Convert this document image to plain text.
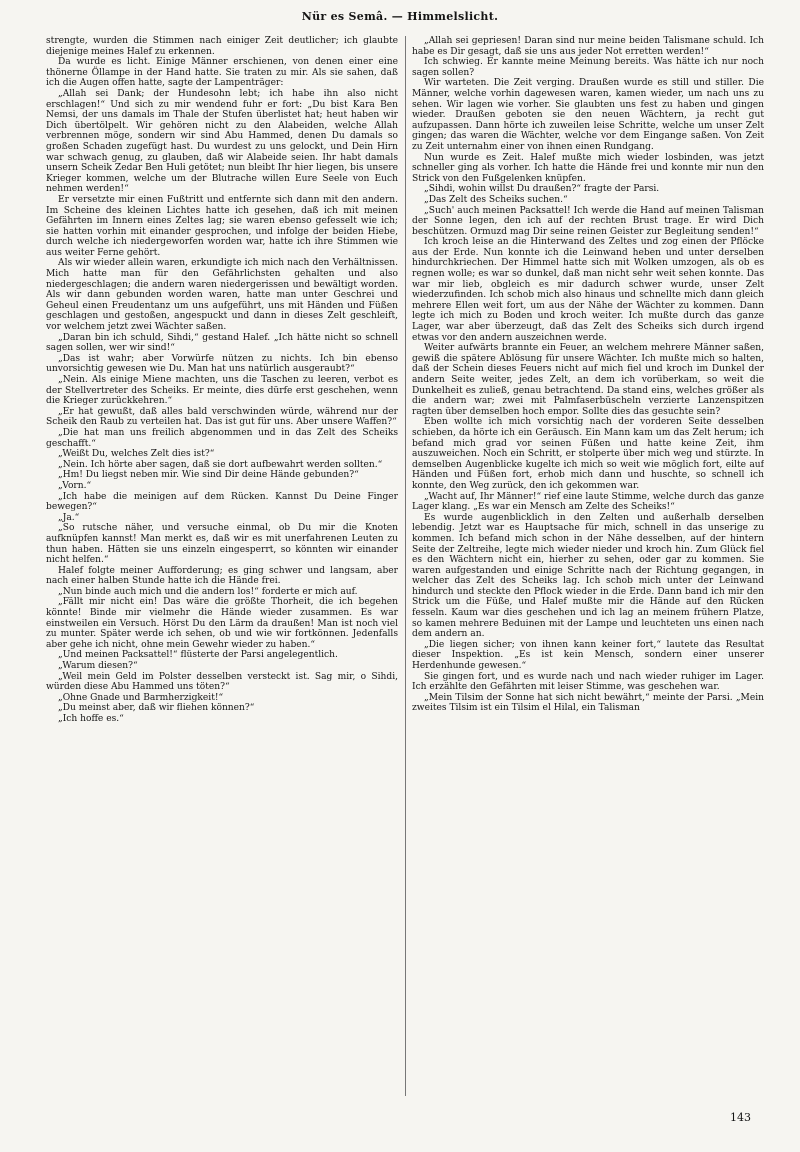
Nür es Semâ. — Himmelslicht.

strengte, wurden die Stimmen nach einiger Zeit deutlicher; ich glaubte diejenige meines Halef zu erkennen.

Da wurde es licht. Einige Männer erschienen, von denen einer eine thönerne Öllampe in der Hand hatte. Sie traten zu mir. Als sie sahen, daß ich die Augen offen hatte, sagte der Lampenträger:

„Allah sei Dank; der Hundesohn lebt; ich habe ihn also nicht erschlagen!“ Und sich zu mir wendend fuhr er fort: „Du bist Kara Ben Nemsi, der uns damals im Thale der Stufen überlistet hat; heut haben wir Dich übertölpelt. Wir gehören nicht zu den Alabeiden, welche Allah verbrennen möge, sondern wir sind Abu Hammed, denen Du damals so großen Schaden zugefügt hast. Du wurdest zu uns gelockt, und Dein Hirn war schwach genug, zu glauben, daß wir Alabeide seien. Ihr habt damals unsern Scheik Zedar Ben Huli getötet; nun bleibt Ihr hier liegen, bis unsere Krieger kommen, welche um der Blutrache willen Eure Seele von Euch nehmen werden!“

Er versetzte mir einen Fußtritt und entfernte sich dann mit den andern. Im Scheine des kleinen Lichtes hatte ich gesehen, daß ich mit meinen Gefährten im Innern eines Zeltes lag; sie waren ebenso gefesselt wie ich; sie hatten vorhin mit einander gesprochen, und infolge der beiden Hiebe, durch welche ich niedergeworfen worden war, hatte ich ihre Stimmen wie aus weiter Ferne gehört.

Als wir wieder allein waren, erkundigte ich mich nach den Verhältnissen. Mich hatte man für den Gefährlichsten gehalten und also niedergeschlagen; die andern waren niedergerissen und bewältigt worden. Als wir dann gebunden worden waren, hatte man unter Geschrei und Geheul einen Freudentanz um uns aufgeführt, uns mit Händen und Füßen geschlagen und gestoßen, angespuckt und dann in dieses Zelt geschleift, vor welchem jetzt zwei Wächter saßen.

„Daran bin ich schuld, Sihdi,“ gestand Halef. „Ich hätte nicht so schnell sagen sollen, wer wir sind!“

„Das ist wahr; aber Vorwürfe nützen zu nichts. Ich bin ebenso unvorsichtig gewesen wie Du. Man hat uns natürlich ausgeraubt?“

„Nein. Als einige Miene machten, uns die Taschen zu leeren, verbot es der Stellvertreter des Scheiks. Er meinte, dies dürfe erst geschehen, wenn die Krieger zurückkehren.“

„Er hat gewußt, daß alles bald verschwinden würde, während nur der Scheik den Raub zu verteilen hat. Das ist gut für uns. Aber unsere Waffen?“

„Die hat man uns freilich abgenommen und in das Zelt des Scheiks geschafft.“

„Weißt Du, welches Zelt dies ist?“

„Nein. Ich hörte aber sagen, daß sie dort aufbewahrt werden sollten.“

„Hm! Du liegst neben mir. Wie sind Dir deine Hände gebunden?“

„Vorn.“

„Ich habe die meinigen auf dem Rücken. Kannst Du Deine Finger bewegen?“

„Ja.“

„So rutsche näher, und versuche einmal, ob Du mir die Knoten aufknüpfen kannst! Man merkt es, daß wir es mit unerfahrenen Leuten zu thun haben. Hätten sie uns einzeln eingesperrt, so könnten wir einander nicht helfen.“

Halef folgte meiner Aufforderung; es ging schwer und langsam, aber nach einer halben Stunde hatte ich die Hände frei.

„Nun binde auch mich und die andern los!“ forderte er mich auf.

„Fällt mir nicht ein! Das wäre die größte Thorheit, die ich begehen könnte! Binde mir vielmehr die Hände wieder zusammen. Es war einstweilen ein Versuch. Hörst Du den Lärm da draußen! Man ist noch viel zu munter. Später werde ich sehen, ob und wie wir fortkönnen. Jedenfalls aber gehe ich nicht, ohne mein Gewehr wieder zu haben.“

„Und meinen Packsattel!“ flüsterte der Parsi angelegentlich.

„Warum diesen?“

„Weil mein Geld im Polster desselben versteckt ist. Sag mir, o Sihdi, würden diese Abu Hammed uns töten?“

„Ohne Gnade und Barmherzigkeit!“

„Du meinst aber, daß wir fliehen können?“

„Ich hoffe es.“

„Allah sei gepriesen! Daran sind nur meine beiden Talismane schuld. Ich habe es Dir gesagt, daß sie uns aus jeder Not erretten werden!“

Ich schwieg. Er kannte meine Meinung bereits. Was hätte ich nur noch sagen sollen?

Wir warteten. Die Zeit verging. Draußen wurde es still und stiller. Die Männer, welche vorhin dagewesen waren, kamen wieder, um nach uns zu sehen. Wir lagen wie vorher. Sie glaubten uns fest zu haben und gingen wieder. Draußen geboten sie den neuen Wächtern, ja recht gut aufzupassen. Dann hörte ich zuweilen leise Schritte, welche um unser Zelt gingen; das waren die Wächter, welche vor dem Eingange saßen. Von Zeit zu Zeit unternahm einer von ihnen einen Rundgang.

Nun wurde es Zeit. Halef mußte mich wieder losbinden, was jetzt schneller ging als vorher. Ich hatte die Hände frei und konnte mir nun den Strick von den Fußgelenken knüpfen.

„Sihdi, wohin willst Du draußen?“ fragte der Parsi.

„Das Zelt des Scheiks suchen.“

„Such' auch meinen Packsattel! Ich werde die Hand auf meinen Talisman der Sonne legen, den ich auf der rechten Brust trage. Er wird Dich beschützen. Ormuzd mag Dir seine reinen Geister zur Begleitung senden!“

Ich kroch leise an die Hinterwand des Zeltes und zog einen der Pflöcke aus der Erde. Nun konnte ich die Leinwand heben und unter derselben hindurchkriechen. Der Himmel hatte sich mit Wolken umzogen, als ob es regnen wolle; es war so dunkel, daß man nicht sehr weit sehen konnte. Das war mir lieb, obgleich es mir dadurch schwer wurde, unser Zelt wiederzufinden. Ich schob mich also hinaus und schnellte mich dann gleich mehrere Ellen weit fort, um aus der Nähe der Wächter zu kommen. Dann legte ich mich zu Boden und kroch weiter. Ich mußte durch das ganze Lager, war aber überzeugt, daß das Zelt des Scheiks sich durch irgend etwas vor den andern auszeichnen werde.

Weiter aufwärts brannte ein Feuer, an welchem mehrere Männer saßen, gewiß die spätere Ablösung für unsere Wächter. Ich mußte mich so halten, daß der Schein dieses Feuers nicht auf mich fiel und kroch im Dunkel der andern Seite weiter, jedes Zelt, an dem ich vorüberkam, so weit die Dunkelheit es zuließ, genau betrachtend. Da stand eins, welches größer als die andern war; zwei mit Palmfaserbüscheln verzierte Lanzenspitzen ragten über demselben hoch empor. Sollte dies das gesuchte sein?

Eben wollte ich mich vorsichtig nach der vorderen Seite desselben schieben, da hörte ich ein Geräusch. Ein Mann kam um das Zelt herum; ich befand mich grad vor seinen Füßen und hatte keine Zeit, ihm auszuweichen. Noch ein Schritt, er stolperte über mich weg und stürzte. In demselben Augenblicke kugelte ich mich so weit wie möglich fort, eilte auf Händen und Füßen fort, erhob mich dann und huschte, so schnell ich konnte, den Weg zurück, den ich gekommen war.

„Wacht auf, Ihr Männer!“ rief eine laute Stimme, welche durch das ganze Lager klang. „Es war ein Mensch am Zelte des Scheiks!“

Es wurde augenblicklich in den Zelten und außerhalb derselben lebendig. Jetzt war es Hauptsache für mich, schnell in das unserige zu kommen. Ich befand mich schon in der Nähe desselben, auf der hintern Seite der Zeltreihe, legte mich wieder nieder und kroch hin. Zum Glück fiel es den Wächtern nicht ein, hierher zu sehen, oder gar zu kommen. Sie waren aufgestanden und einige Schritte nach der Richtung gegangen, in welcher das Zelt des Scheiks lag. Ich schob mich unter der Leinwand hindurch und steckte den Pflock wieder in die Erde. Dann band ich mir den Strick um die Füße, und Halef mußte mir die Hände auf den Rücken fesseln. Kaum war dies geschehen und ich lag an meinem frühern Platze, so kamen mehrere Beduinen mit der Lampe und leuchteten uns einen nach dem andern an.

„Die liegen sicher; von ihnen kann keiner fort,“ lautete das Resultat dieser Inspektion. „Es ist kein Mensch, sondern einer unserer Herdenhunde gewesen.“

Sie gingen fort, und es wurde nach und nach wieder ruhiger im Lager. Ich erzählte den Gefährten mit leiser Stimme, was geschehen war.

„Mein Tilsim der Sonne hat sich nicht bewährt,“ meinte der Parsi. „Mein zweites Tilsim ist ein Tilsim el Hilal, ein Talisman

143
